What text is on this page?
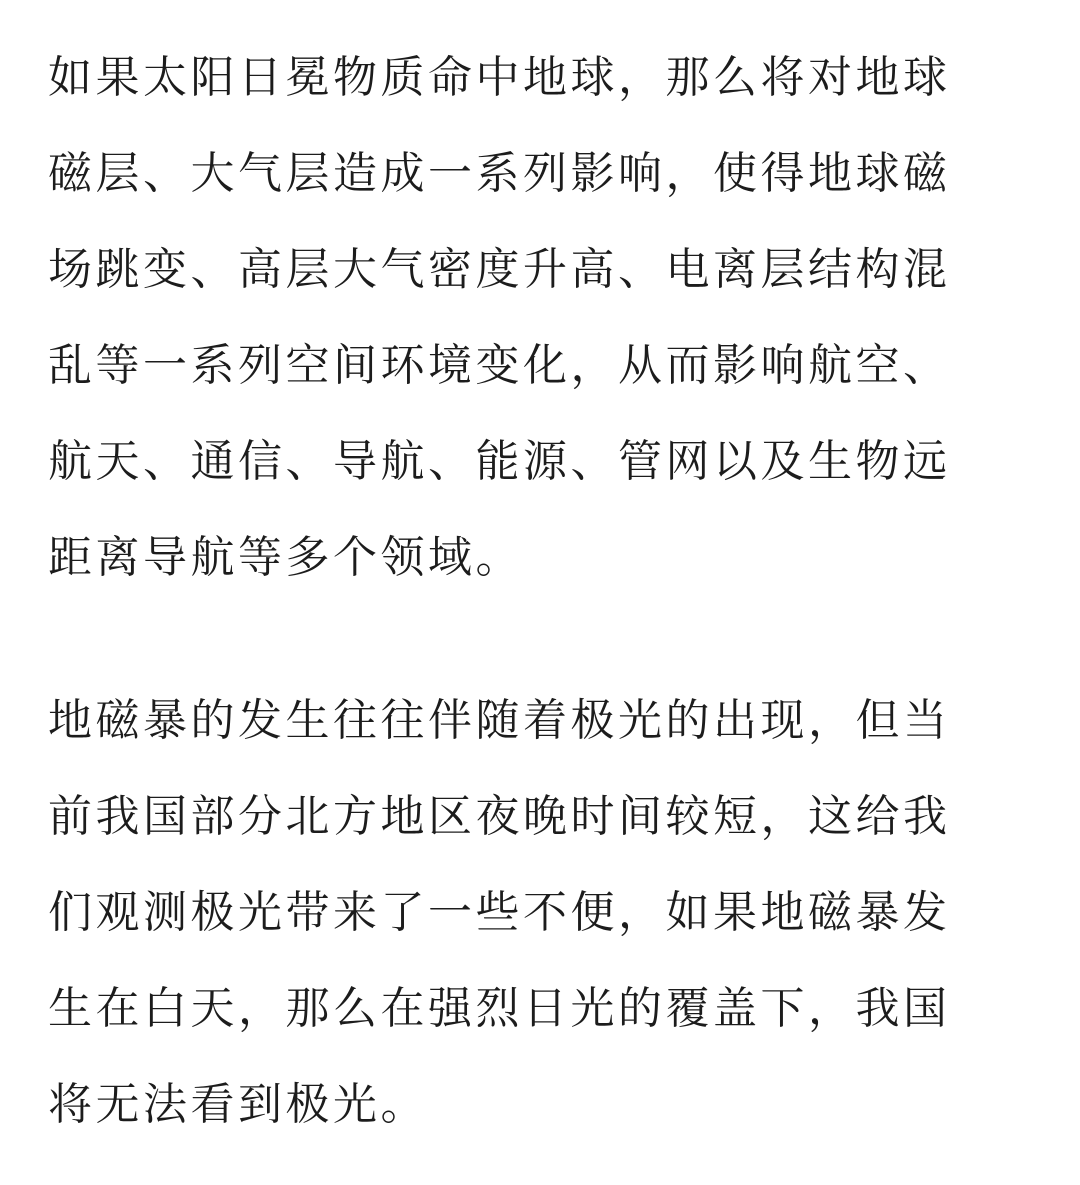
如果太阳日冕物质命中地球，那么将对地球
磁层、大气层造成一系列影响，使得地球磁
场跳变、高层大气密度升高、电离层结构混
乱等一系列空间环境变化，从而影响航空、
航天、通信、导航、能源、管网以及生物远
距离导航等多个领域。

地磁暴的发生往往伴随着极光的出现，但当
前我国部分北方地区夜晚时间较短，这给我
们观测极光带来了一些不便，如果地磁暴发
生在白天，那么在强烈日光的覆盖下，我国
将无法看到极光。
